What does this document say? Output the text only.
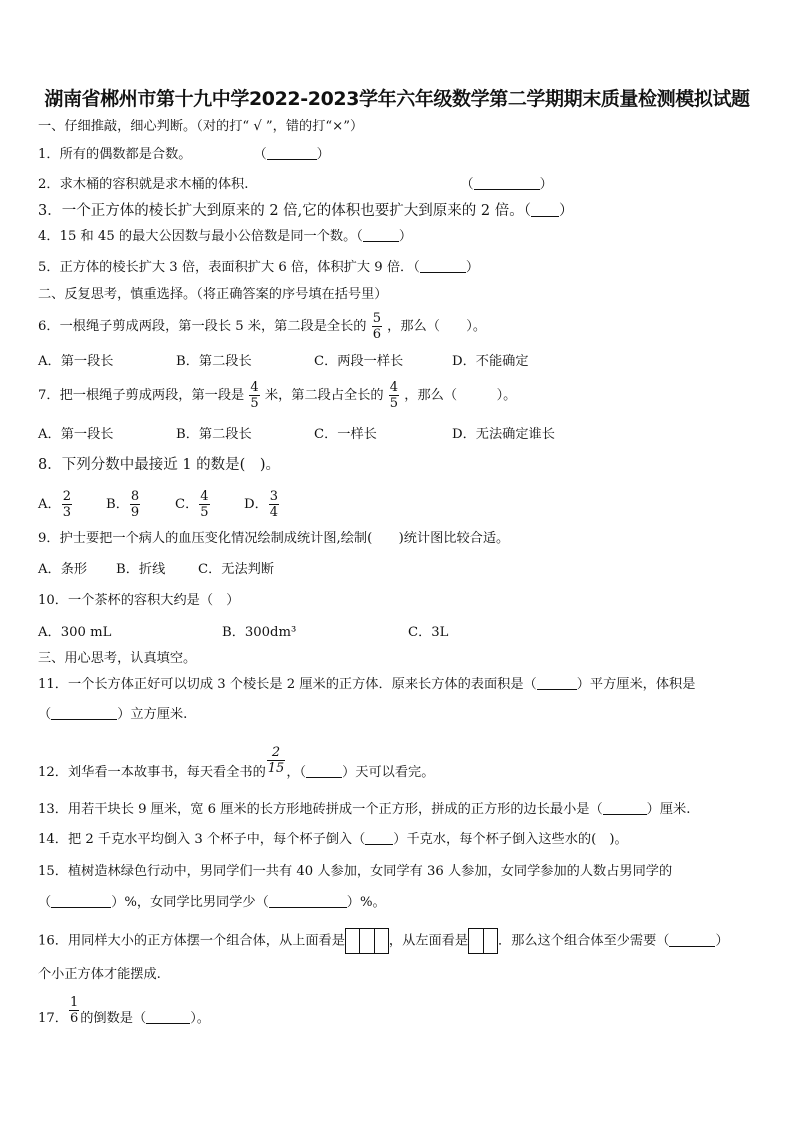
湖南省郴州市第十九中学2022-2023学年六年级数学第二学期期末质量检测模拟试题
一、仔细推敲，细心判断。（对的打“ √ ”，错的打“×”）
1．所有的偶数都是合数。	（	）
2．求木桶的容积就是求木桶的体积.	（	）
3．一个正方体的棱长扩大到原来的 2 倍,它的体积也要扩大到原来的 2 倍。（ ）
4．15 和 45 的最大公因数与最小公倍数是同一个数。（	）
5．正方体的棱长扩大 3 倍，表面积扩大 6 倍，体积扩大 9 倍．（	）
二、反复思考，慎重选择。（将正确答案的序号填在括号里）
6．一根绳子剪成两段，第一段长 5 米，第二段是全长的 $\frac{5}{6}$ ，那么（　　）。
A．第一段长	B．第二段长	C．两段一样长	D．不能确定
7．把一根绳子剪成两段，第一段是 $\frac{4}{5}$ 米，第二段占全长的 $\frac{4}{5}$ ，那么（　　　）。
A．第一段长	B．第二段长	C．一样长	D．无法确定谁长
8．下列分数中最接近 1 的数是(　)。
A． $\frac{2}{3}$	B． $\frac{8}{9}$	C． $\frac{4}{5}$	D． $\frac{3}{4}$
9．护士要把一个病人的血压变化情况绘制成统计图,绘制(　　)统计图比较合适。
A．条形 B．折线 C．无法判断
10．一个茶杯的容积大约是（　）
A．300 mL	B．300dm³	C．3L
三、用心思考，认真填空。
11．一个长方体正好可以切成 3 个棱长是 2 厘米的正方体．原来长方体的表面积是（	）平方厘米，体积是
（	）立方厘米.
12．刘华看一本故事书，每天看全书的 $\frac{2}{15}$ ，（	）天可以看完。
13．用若干块长 9 厘米，宽 6 厘米的长方形地砖拼成一个正方形，拼成的正方形的边长最小是（	）厘米.
14．把 2 千克水平均倒入 3 个杯子中，每个杯子倒入（ ）千克水，每个杯子倒入这些水的(　)。
15．植树造林绿色行动中，男同学们一共有 40 人参加，女同学有 36 人参加，女同学参加的人数占男同学的
（	）%，女同学比男同学少（	）%。
16．用同样大小的正方体摆一个组合体，从上面看是	，从左面看是 ．那么这个组合体至少需要（	）
个小正方体才能摆成.
17． $\frac{1}{6}$ 的倒数是（	）。
